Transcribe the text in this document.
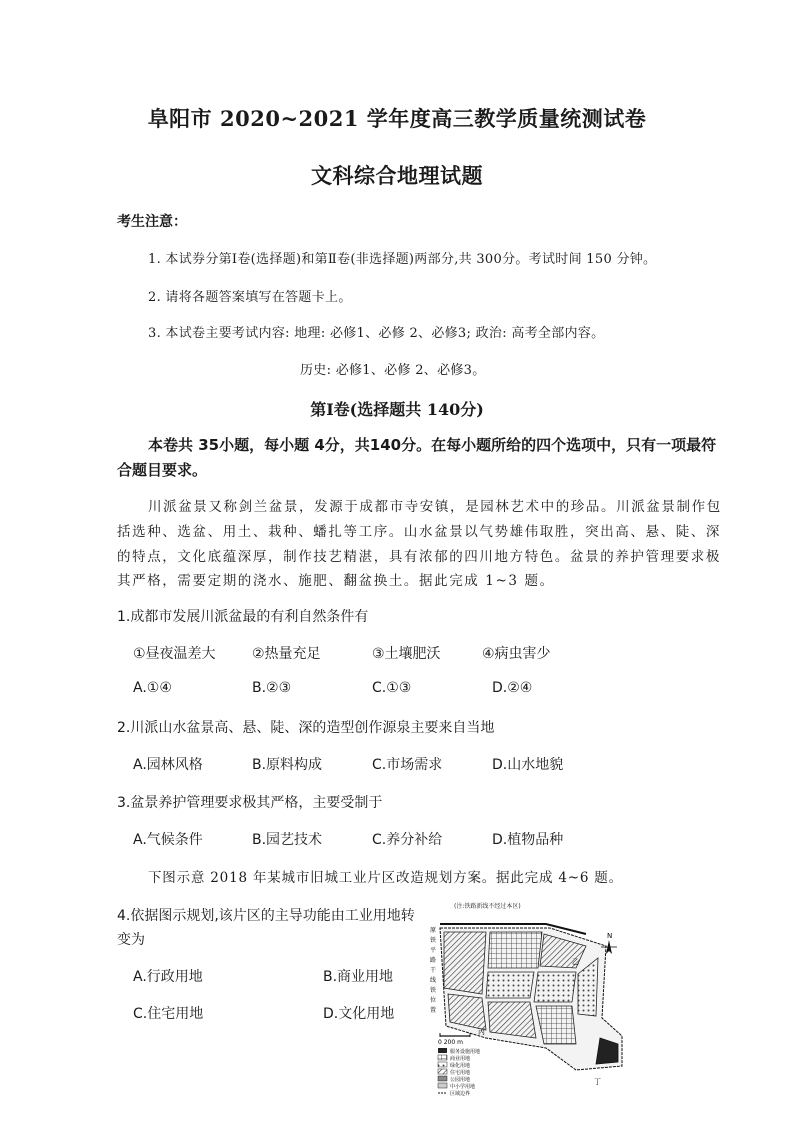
阜阳市 2020~2021 学年度高三教学质量统测试卷
文科综合地理试题
考生注意：
1. 本试券分第Ⅰ卷(选择题)和第Ⅱ卷(非选择题)两部分,共 300分。考试时间 150 分钟。
2. 请将各题答案填写在答题卡上。
3. 本试卷主要考试内容: 地理: 必修1、必修 2、必修3; 政治: 高考全部内容。
历史: 必修1、必修 2、必修3。
第Ⅰ卷(选择题共 140分)
本卷共 35小题，每小题 4分，共140分。在每小题所给的四个选项中，只有一项最符
合题目要求。
川派盆景又称剑兰盆景，发源于成都市寺安镇，是园林艺术中的珍品。川派盆景制作包
括选种、选盆、用土、栽种、蟠扎等工序。山水盆景以气势雄伟取胜，突出高、悬、陡、深
的特点，文化底蕴深厚，制作技艺精湛，具有浓郁的四川地方特色。盆景的养护管理要求极
其严格，需要定期的浇水、施肥、翻盆换土。据此完成 1~3 题。
1.成都市发展川派盆最的有利自然条件有
①昼夜温差大	②热量充足	③土壤肥沃	④病虫害少
A.①④	B.②③	C.①③	D.②④
2.川派山水盆景高、悬、陡、深的造型创作源泉主要来自当地
A.园林风格	B.原料构成	C.市场需求	D.山水地貌
3.盆景养护管理要求极其严格，主要受制于
A.气候条件	B.园艺技术	C.养分补给	D.植物品种
下图示意 2018 年某城市旧城工业片区改造规划方案。据此完成 4~6 题。
4.依据图示规划,该片区的主导功能由工业用地转
变为
A.行政用地	B.商业用地
C.住宅用地	D.文化用地
(注:铁路新线不经过本区)
原
铁
平
路
干
线
铁
位
置
N
乙
丙
丁
0 200 m
服务设施用地
商业用地
绿化用地
住宅用地
公园用地
中小学用地
区域边界
